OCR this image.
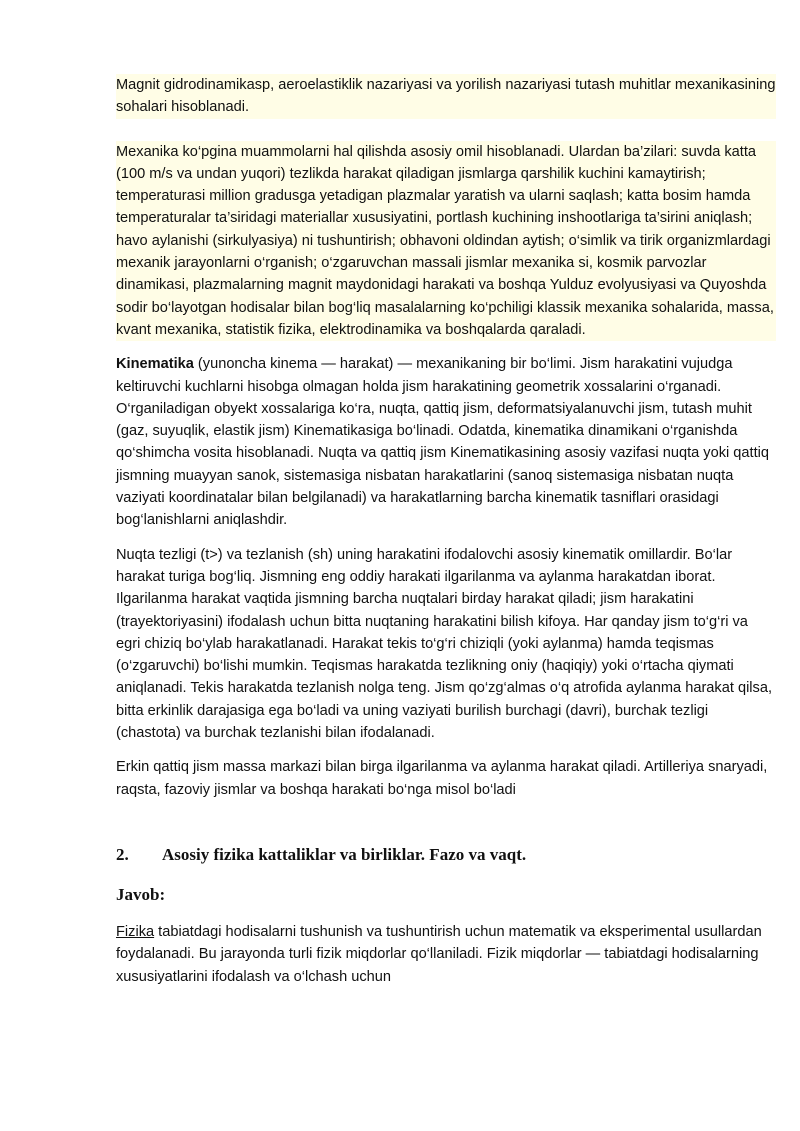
Magnit gidrodinamikasp, aeroelastiklik nazariyasi va yorilish nazariyasi tutash muhitlar mexanikasining sohalari hisoblanadi.

Mexanika ko‘pgina muammolarni hal qilishda asosiy omil hisoblanadi. Ulardan ba’zilari: suvda katta (100 m/s va undan yuqori) tezlikda harakat qiladigan jismlarga qarshilik kuchini kamaytirish; temperaturasi million gradusga yetadigan plazmalar yaratish va ularni saqlash; katta bosim hamda temperaturalar ta’siridagi materiallar xususiyatini, portlash kuchining inshootlariga ta’sirini aniqlash; havo aylanishi (sirkulyasiya) ni tushuntirish; obhavoni oldindan aytish; o‘simlik va tirik organizmlardagi mexanik jarayonlarni o‘rganish; o‘zgaruvchan massali jismlar mexanika si, kosmik parvozlar dinamikasi, plazmalarning magnit maydonidagi harakati va boshqa Yulduz evolyusiyasi va Quyoshda sodir bo‘layotgan hodisalar bilan bog‘liq masalalarning ko‘pchiligi klassik mexanika sohalarida, massa, kvant mexanika, statistik fizika, elektrodinamika va boshqalarda qaraladi.

Kinematika (yunoncha kinema — harakat) — mexanikaning bir bo‘limi. Jism harakatini vujudga keltiruvchi kuchlarni hisobga olmagan holda jism harakatining geometrik xossalarini o‘rganadi. O‘rganiladigan obyekt xossalariga ko‘ra, nuqta, qattiq jism, deformatsiyalanuvchi jism, tutash muhit (gaz, suyuqlik, elastik jism) Kinematikasiga bo‘linadi. Odatda, kinematika dinamikani o‘rganishda qo‘shimcha vosita hisoblanadi. Nuqta va qattiq jism Kinematikasining asosiy vazifasi nuqta yoki qattiq jismning muayyan sanok, sistemasiga nisbatan harakatlarini (sanoq sistemasiga nisbatan nuqta vaziyati koordinatalar bilan belgilanadi) va harakatlarning barcha kinematik tasniflari orasidagi bog‘lanishlarni aniqlashdir.

Nuqta tezligi (t>) va tezlanish (sh) uning harakatini ifodalovchi asosiy kinematik omillardir. Bo‘lar harakat turiga bog‘liq. Jismning eng oddiy harakati ilgarilanma va aylanma harakatdan iborat. Ilgarilanma harakat vaqtida jismning barcha nuqtalari birday harakat qiladi; jism harakatini (trayektoriyasini) ifodalash uchun bitta nuqtaning harakatini bilish kifoya. Har qanday jism to‘g‘ri va egri chiziq bo‘ylab harakatlanadi. Harakat tekis to‘g‘ri chiziqli (yoki aylanma) hamda teqismas (o‘zgaruvchi) bo‘lishi mumkin. Teqismas harakatda tezlikning oniy (haqiqiy) yoki o‘rtacha qiymati aniqlanadi. Tekis harakatda tezlanish nolga teng. Jism qo‘zg‘almas o‘q atrofida aylanma harakat qilsa, bitta erkinlik darajasiga ega bo‘ladi va uning vaziyati burilish burchagi (davri), burchak tezligi (chastota) va burchak tezlanishi bilan ifodalanadi.

Erkin qattiq jism massa markazi bilan birga ilgarilanma va aylanma harakat qiladi. Artilleriya snaryadi, raqsta, fazoviy jismlar va boshqa harakati bo‘nga misol bo‘ladi

2. Asosiy fizika kattaliklar va birliklar. Fazo va vaqt.

Javob:

Fizika tabiatdagi hodisalarni tushunish va tushuntirish uchun matematik va eksperimental usullardan foydalanadi. Bu jarayonda turli fizik miqdorlar qo‘llaniladi. Fizik miqdorlar — tabiatdagi hodisalarning xususiyatlarini ifodalash va o‘lchash uchun
